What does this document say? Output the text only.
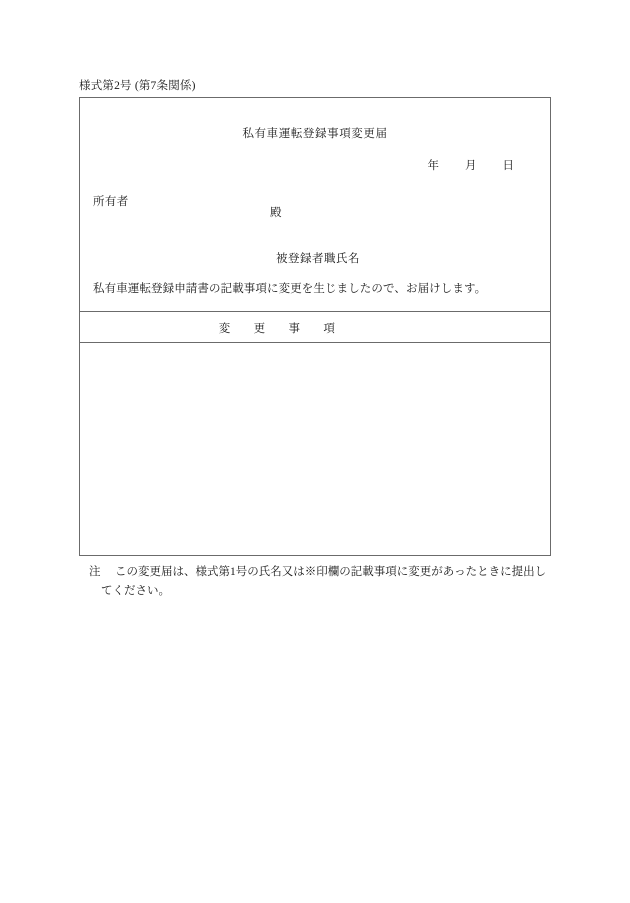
様式第2号 (第7条関係)
私有車運転登録事項変更届
年 月 日
所有者
殿
被登録者職氏名
私有車運転登録申請書の記載事項に変更を生じましたので、お届けします。
変 更 事 項
注 この変更届は、様式第1号の氏名又は※印欄の記載事項に変更があったときに提出し
てください。
